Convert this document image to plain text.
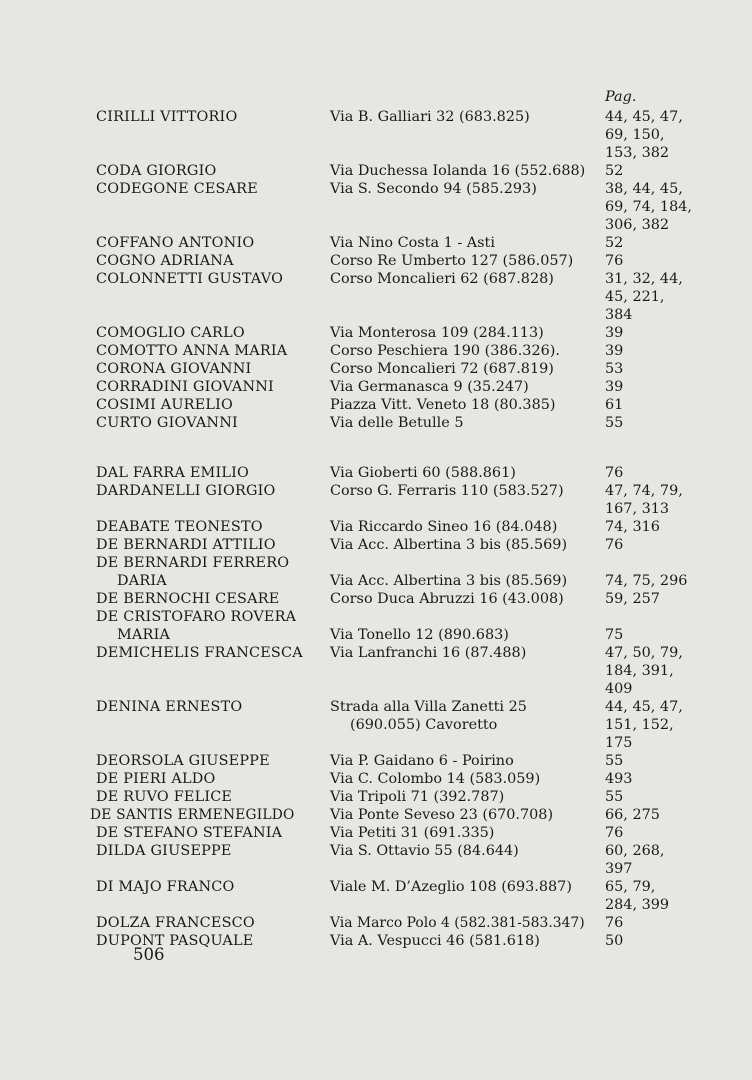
Pag.
CIRILLI VITTORIO	Via B. Galliari 32 (683.825)	44, 45, 47,
69, 150,
153, 382
CODA GIORGIO	Via Duchessa Iolanda 16 (552.688) 52
CODEGONE CESARE	Via S. Secondo 94 (585.293)	38, 44, 45,
69, 74, 184,
306, 382
COFFANO ANTONIO	Via Nino Costa 1 - Asti	52
COGNO ADRIANA	Corso Re Umberto 127 (586.057) 76
COLONNETTI GUSTAVO	Corso Moncalieri 62 (687.828)	31, 32, 44,
45, 221,
384
COMOGLIO CARLO	Via Monterosa 109 (284.113)	39
COMOTTO ANNA MARIA	Corso Peschiera 190 (386.326).	39
CORONA GIOVANNI	Corso Moncalieri 72 (687.819)	53
CORRADINI GIOVANNI	Via Germanasca 9 (35.247)	39
COSIMI AURELIO	Piazza Vitt. Veneto 18 (80.385)	61
CURTO GIOVANNI	Via delle Betulle 5	55
DAL FARRA EMILIO	Via Gioberti 60 (588.861)	76
DARDANELLI GIORGIO	Corso G. Ferraris 110 (583.527)	47, 74, 79,
167, 313
DEABATE TEONESTO	Via Riccardo Sineo 16 (84.048)	74, 316
DE BERNARDI ATTILIO	Via Acc. Albertina 3 bis (85.569)	76
DE BERNARDI FERRERO
DARIA	Via Acc. Albertina 3 bis (85.569)	74, 75, 296
DE BERNOCHI CESARE	Corso Duca Abruzzi 16 (43.008)	59, 257
DE CRISTOFARO ROVERA
MARIA	Via Tonello 12 (890.683)	75
DEMICHELIS FRANCESCA Via Lanfranchi 16 (87.488)	47, 50, 79,
184, 391,
409
DENINA ERNESTO	Strada alla Villa Zanetti 25	44, 45, 47,
(690.055) Cavoretto	151, 152,
175
DEORSOLA GIUSEPPE	Via P. Gaidano 6 - Poirino	55
DE PIERI ALDO	Via C. Colombo 14 (583.059)	493
DE RUVO FELICE	Via Tripoli 71 (392.787)	55
DE SANTIS ERMENEGILDO Via Ponte Seveso 23 (670.708)	66, 275
DE STEFANO STEFANIA	Via Petiti 31 (691.335)	76
DILDA GIUSEPPE	Via S. Ottavio 55 (84.644)	60, 268,
397
DI MAJO FRANCO	Viale M. D’Azeglio 108 (693.887) 65, 79,
284, 399
DOLZA FRANCESCO	Via Marco Polo 4 (582.381-583.347) 76
DUPONT PASQUALE	Via A. Vespucci 46 (581.618)	50
506
